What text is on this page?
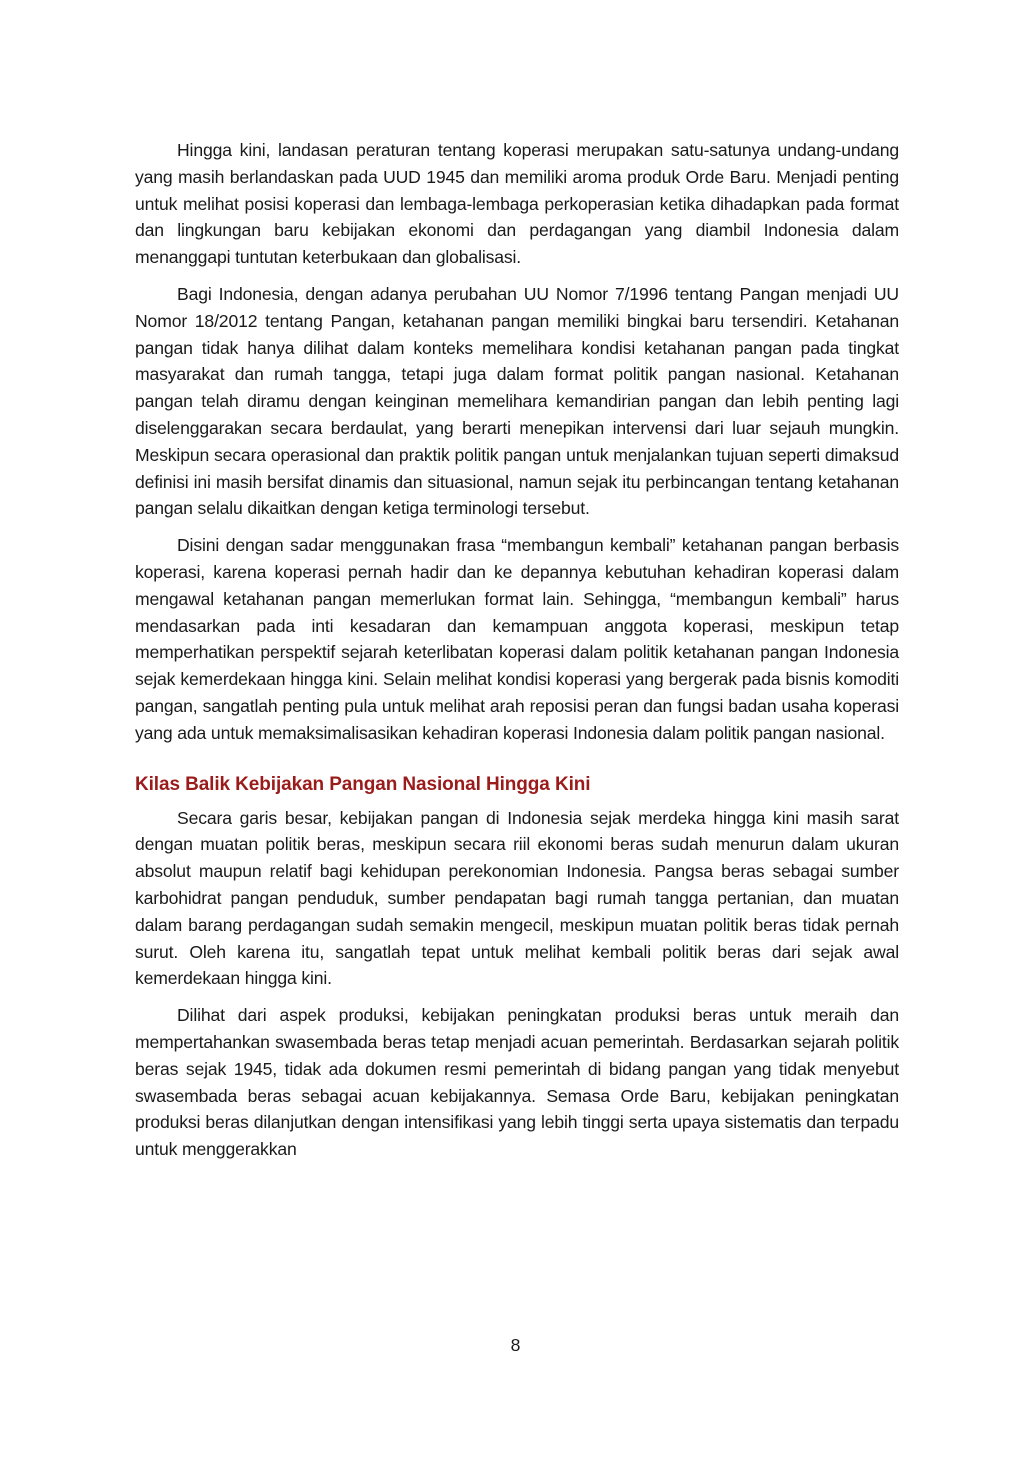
Hingga kini, landasan peraturan tentang koperasi merupakan satu-satunya undang-undang yang masih berlandaskan pada UUD 1945 dan memiliki aroma produk Orde Baru. Menjadi penting untuk melihat posisi koperasi dan lembaga-lembaga perkoperasian ketika dihadapkan pada format dan lingkungan baru kebijakan ekonomi dan perdagangan yang diambil Indonesia dalam menanggapi tuntutan keterbukaan dan globalisasi.

Bagi Indonesia, dengan adanya perubahan UU Nomor 7/1996 tentang Pangan menjadi UU Nomor 18/2012 tentang Pangan, ketahanan pangan memiliki bingkai baru tersendiri. Ketahanan pangan tidak hanya dilihat dalam konteks memelihara kondisi ketahanan pangan pada tingkat masyarakat dan rumah tangga, tetapi juga dalam format politik pangan nasional. Ketahanan pangan telah diramu dengan keinginan memelihara kemandirian pangan dan lebih penting lagi diselenggarakan secara berdaulat, yang berarti menepikan intervensi dari luar sejauh mungkin. Meskipun secara operasional dan praktik politik pangan untuk menjalankan tujuan seperti dimaksud definisi ini masih bersifat dinamis dan situasional, namun sejak itu perbincangan tentang ketahanan pangan selalu dikaitkan dengan ketiga terminologi tersebut.

Disini dengan sadar menggunakan frasa “membangun kembali” ketahanan pangan berbasis koperasi, karena koperasi pernah hadir dan ke depannya kebutuhan kehadiran koperasi dalam mengawal ketahanan pangan memerlukan format lain. Sehingga, “membangun kembali” harus mendasarkan pada inti kesadaran dan kemampuan anggota koperasi, meskipun tetap memperhatikan perspektif sejarah keterlibatan koperasi dalam politik ketahanan pangan Indonesia sejak kemerdekaan hingga kini. Selain melihat kondisi koperasi yang bergerak pada bisnis komoditi pangan, sangatlah penting pula untuk melihat arah reposisi peran dan fungsi badan usaha koperasi yang ada untuk memaksimalisasikan kehadiran koperasi Indonesia dalam politik pangan nasional.

Kilas Balik Kebijakan Pangan Nasional Hingga Kini

Secara garis besar, kebijakan pangan di Indonesia sejak merdeka hingga kini masih sarat dengan muatan politik beras, meskipun secara riil ekonomi beras sudah menurun dalam ukuran absolut maupun relatif bagi kehidupan perekonomian Indonesia. Pangsa beras sebagai sumber karbohidrat pangan penduduk, sumber pendapatan bagi rumah tangga pertanian, dan muatan dalam barang perdagangan sudah semakin mengecil, meskipun muatan politik beras tidak pernah surut. Oleh karena itu, sangatlah tepat untuk melihat kembali politik beras dari sejak awal kemerdekaan hingga kini.

Dilihat dari aspek produksi, kebijakan peningkatan produksi beras untuk meraih dan mempertahankan swasembada beras tetap menjadi acuan pemerintah. Berdasarkan sejarah politik beras sejak 1945, tidak ada dokumen resmi pemerintah di bidang pangan yang tidak menyebut swasembada beras sebagai acuan kebijakannya. Semasa Orde Baru, kebijakan peningkatan produksi beras dilanjutkan dengan intensifikasi yang lebih tinggi serta upaya sistematis dan terpadu untuk menggerakkan

8
